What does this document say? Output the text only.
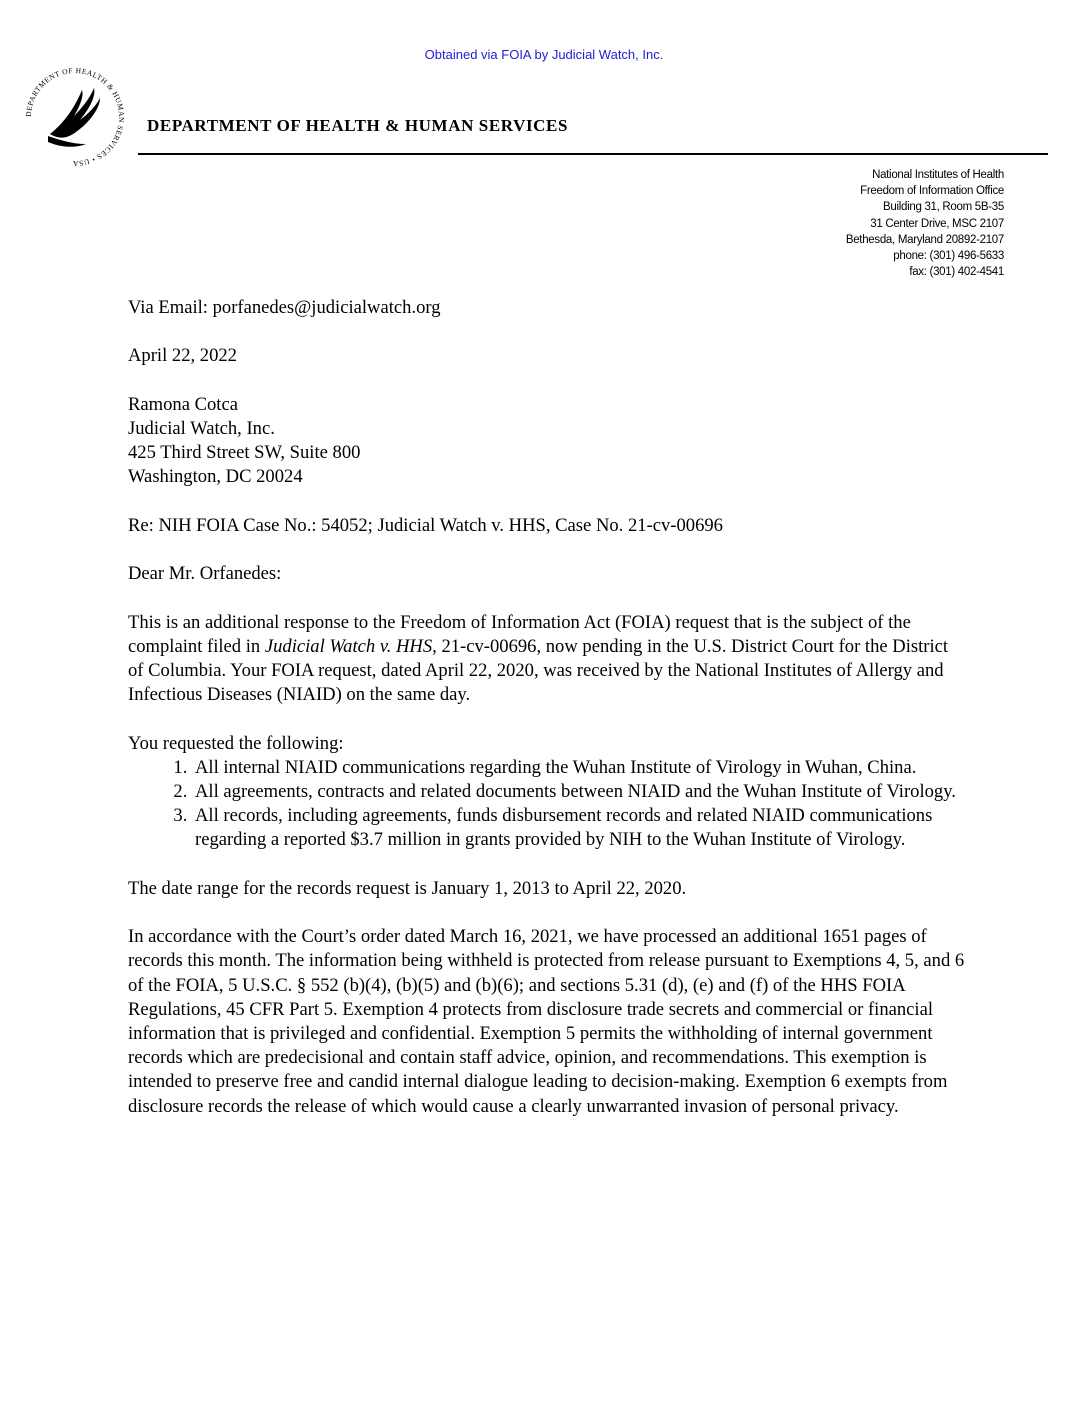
Obtained via FOIA by Judicial Watch, Inc.
DEPARTMENT OF HEALTH & HUMAN SERVICES • USA
DEPARTMENT OF HEALTH & HUMAN SERVICES
National Institutes of Health
Freedom of Information Office
Building 31, Room 5B-35
31 Center Drive, MSC 2107
Bethesda, Maryland 20892-2107
phone: (301) 496-5633
fax: (301) 402-4541

Via Email: porfanedes@judicialwatch.org

April 22, 2022

Ramona Cotca
Judicial Watch, Inc.
425 Third Street SW, Suite 800
Washington, DC 20024

Re: NIH FOIA Case No.: 54052; Judicial Watch v. HHS, Case No. 21-cv-00696

Dear Mr. Orfanedes:

This is an additional response to the Freedom of Information Act (FOIA) request that is the subject of the complaint filed in Judicial Watch v. HHS, 21-cv-00696, now pending in the U.S. District Court for the District of Columbia. Your FOIA request, dated April 22, 2020, was received by the National Institutes of Allergy and Infectious Diseases (NIAID) on the same day.

You requested the following:

1. All internal NIAID communications regarding the Wuhan Institute of Virology in Wuhan, China.
2. All agreements, contracts and related documents between NIAID and the Wuhan Institute of Virology.
3. All records, including agreements, funds disbursement records and related NIAID communications regarding a reported $3.7 million in grants provided by NIH to the Wuhan Institute of Virology.

The date range for the records request is January 1, 2013 to April 22, 2020.

In accordance with the Court’s order dated March 16, 2021, we have processed an additional 1651 pages of records this month. The information being withheld is protected from release pursuant to Exemptions 4, 5, and 6 of the FOIA, 5 U.S.C. § 552 (b)(4), (b)(5) and (b)(6); and sections 5.31 (d), (e) and (f) of the HHS FOIA Regulations, 45 CFR Part 5. Exemption 4 protects from disclosure trade secrets and commercial or financial information that is privileged and confidential. Exemption 5 permits the withholding of internal government records which are predecisional and contain staff advice, opinion, and recommendations. This exemption is intended to preserve free and candid internal dialogue leading to decision-making. Exemption 6 exempts from disclosure records the release of which would cause a clearly unwarranted invasion of personal privacy.
